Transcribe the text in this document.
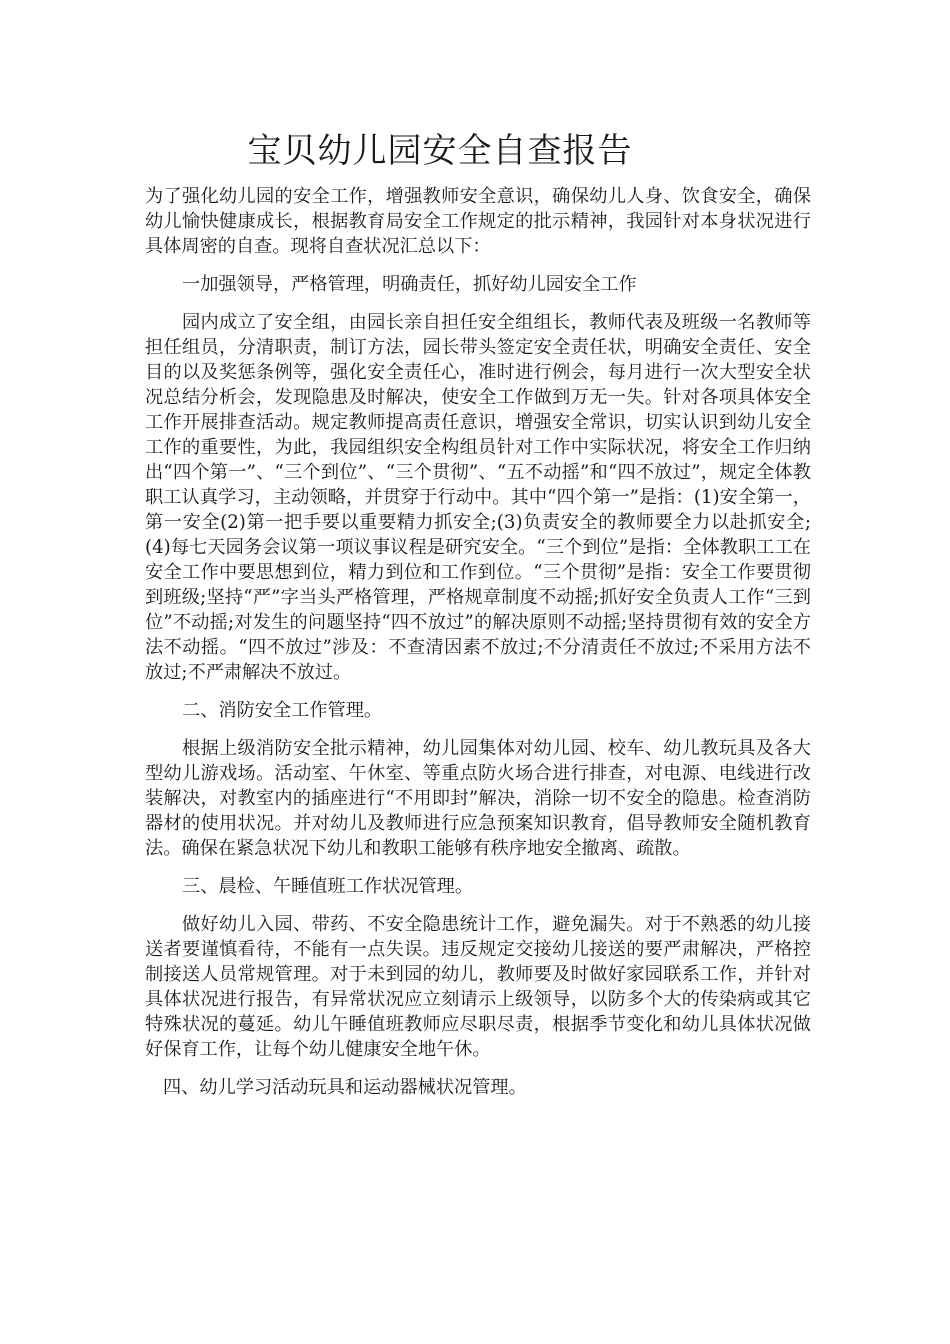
宝贝幼儿园安全自查报告

为了强化幼儿园的安全工作，增强教师安全意识，确保幼儿人身、饮食安全，确保幼儿愉快健康成长，根据教育局安全工作规定的批示精神，我园针对本身状况进行具体周密的自查。现将自查状况汇总以下：

一加强领导，严格管理，明确责任，抓好幼儿园安全工作

园内成立了安全组，由园长亲自担任安全组组长，教师代表及班级一名教师等担任组员，分清职责，制订方法，园长带头签定安全责任状，明确安全责任、安全目的以及奖惩条例等，强化安全责任心，准时进行例会，每月进行一次大型安全状况总结分析会，发现隐患及时解决，使安全工作做到万无一失。针对各项具体安全工作开展排查活动。规定教师提高责任意识，增强安全常识，切实认识到幼儿安全工作的重要性，为此，我园组织安全构组员针对工作中实际状况，将安全工作归纳出“四个第一”、“三个到位”、“三个贯彻”、“五不动摇”和“四不放过”，规定全体教职工认真学习，主动领略，并贯穿于行动中。其中“四个第一”是指：(1)安全第一，第一安全(2)第一把手要以重要精力抓安全;(3)负责安全的教师要全力以赴抓安全;(4)每七天园务会议第一项议事议程是研究安全。“三个到位”是指：全体教职工工在安全工作中要思想到位，精力到位和工作到位。“三个贯彻”是指：安全工作要贯彻到班级;坚持“严”字当头严格管理，严格规章制度不动摇;抓好安全负责人工作“三到位”不动摇;对发生的问题坚持“四不放过”的解决原则不动摇;坚持贯彻有效的安全方法不动摇。“四不放过”涉及：不查清因素不放过;不分清责任不放过;不采用方法不放过;不严肃解决不放过。

二、消防安全工作管理。

根据上级消防安全批示精神，幼儿园集体对幼儿园、校车、幼儿教玩具及各大型幼儿游戏场。活动室、午休室、等重点防火场合进行排查，对电源、电线进行改装解决，对教室内的插座进行“不用即封”解决，消除一切不安全的隐患。检查消防器材的使用状况。并对幼儿及教师进行应急预案知识教育，倡导教师安全随机教育法。确保在紧急状况下幼儿和教职工能够有秩序地安全撤离、疏散。

三、晨检、午睡值班工作状况管理。

做好幼儿入园、带药、不安全隐患统计工作，避免漏失。对于不熟悉的幼儿接送者要谨慎看待，不能有一点失误。违反规定交接幼儿接送的要严肃解决，严格控制接送人员常规管理。对于未到园的幼儿，教师要及时做好家园联系工作，并针对具体状况进行报告，有异常状况应立刻请示上级领导，以防多个大的传染病或其它特殊状况的蔓延。幼儿午睡值班教师应尽职尽责，根据季节变化和幼儿具体状况做好保育工作，让每个幼儿健康安全地午休。

四、幼儿学习活动玩具和运动器械状况管理。
